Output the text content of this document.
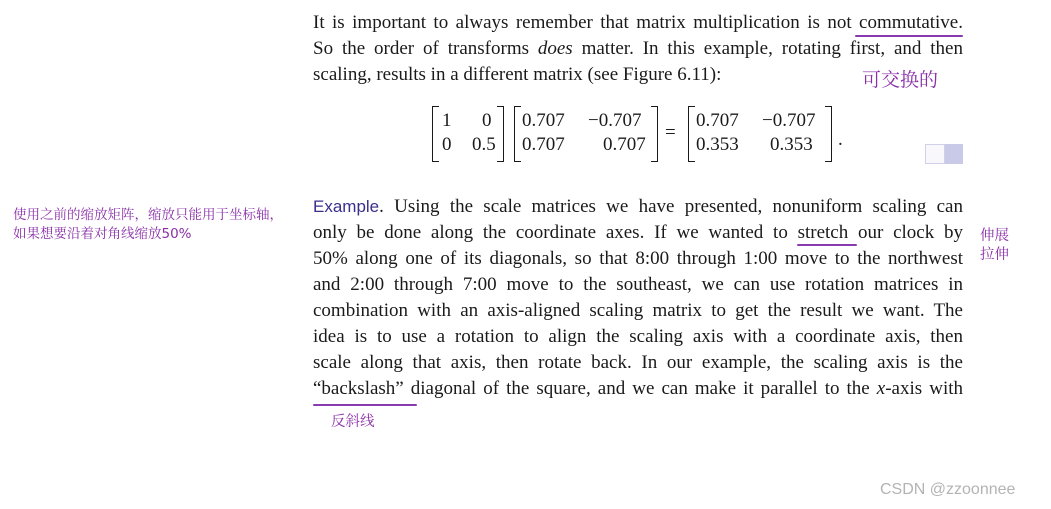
It is important to always remember that matrix multiplication is not commutative.
So the order of transforms does matter. In this example, rotating first, and then
scaling, results in a different matrix (see Figure 6.11):	可交换的
1 0
0 0.5
0.707 −0.707
0.707 0.707
=
0.707 −0.707
0.353 0.353 .
使用之前的缩放矩阵，缩放只能用于坐标轴，
如果想要沿着对角线缩放50%
Example. Using the scale matrices we have presented, nonuniform scaling can
only be done along the coordinate axes. If we wanted to stretch our clock by
50% along one of its diagonals, so that 8:00 through 1:00 move to the northwest
and 2:00 through 7:00 move to the southeast, we can use rotation matrices in
combination with an axis-aligned scaling matrix to get the result we want. The
idea is to use a rotation to align the scaling axis with a coordinate axis, then
scale along that axis, then rotate back. In our example, the scaling axis is the
“backslash” diagonal of the square, and we can make it parallel to the x-axis with
伸展
拉伸
反斜线
CSDN @zzoonnee
